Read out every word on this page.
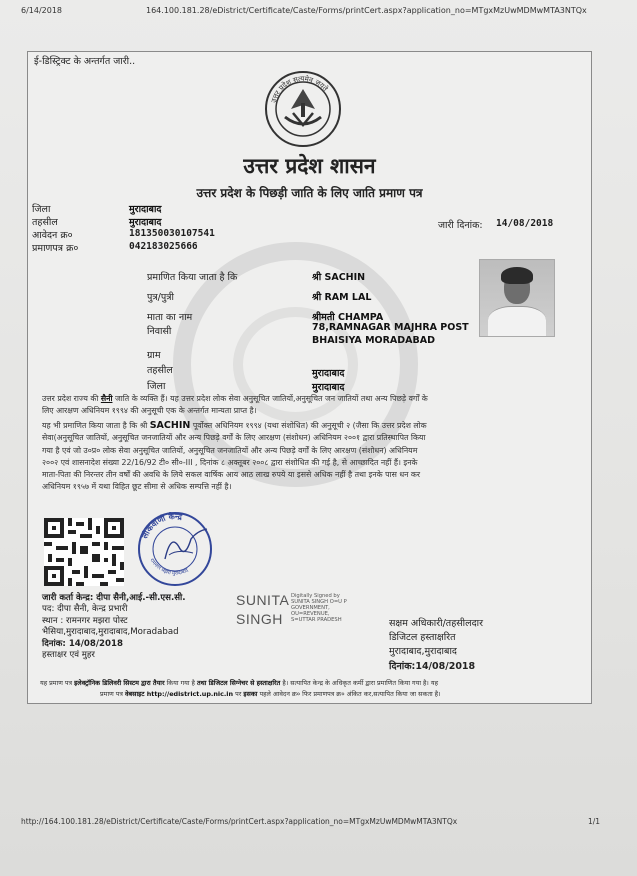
6/14/2018	164.100.181.28/eDistrict/Certificate/Caste/Forms/printCert.aspx?application_no=MTgxMzUwMDMwMTA3NTQx
ई-डिस्ट्रिक्ट के अन्तर्गत जारी..
उत्तर प्रदेश सत्यमेव जयते
उत्तर प्रदेश शासन
उत्तर प्रदेश के पिछड़ी जाति के लिए जाति प्रमाण पत्र
जिला	मुरादाबाद
तहसील	मुरादाबाद
आवेदन क्र०	181350030107541
प्रमाणपत्र क्र०	042183025666
जारी दिनांक: 14/08/2018
प्रमाणित किया जाता है कि	श्री SACHIN
पुत्र/पुत्री	श्री RAM LAL
माता का नाम	श्रीमती CHAMPA
निवासी	78,RAMNAGAR MAJHRA POST
BHAISIYA MORADABAD
ग्राम
तहसील	मुरादाबाद
जिला	मुरादाबाद
उत्तर प्रदेश राज्य की सैनी जाति के व्यक्ति हैं। यह उत्तर प्रदेश लोक सेवा अनुसूचित जातियों,अनुसूचित जन जातियों तथा अन्य पिछड़े वर्गों के
लिए आरक्षण अधिनियम १९९४ की अनुसूची एक के अन्तर्गत मान्यता प्राप्त है।
यह भी प्रमाणित किया जाता है कि श्री SACHIN पूर्वोक्त अधिनियम १९९४ (यथा संशोधित) की अनुसूची २ (जैसा कि उत्तर प्रदेश लोक
सेवा(अनुसूचित जातियों, अनुसूचित जनजातियों और अन्य पिछड़े वर्गों के लिए आरक्षण (संशोधन) अधिनियम २००१ द्वारा प्रतिस्थापित किया
गया है एवं जो उ०प्र० लोक सेवा अनुसूचित जातियों, अनुसूचित जनजातियों और अन्य पिछड़े वर्गों के लिए आरक्षण (संशोधन) अधिनियम
२००२ एवं शासनादेश संख्या 22/16/92 टी० सी०-III , दिनांक ८ अक्तूबर २००८ द्वारा संशोधित की गई है, से आच्छादित नहीं हैं। इनके
माता-पिता की निरन्तर तीन वर्षों की अवधि के लिये सकल वार्षिक आय आठ लाख रुपये या इससे अधिक नहीं है तथा इनके पास धन कर
अधिनियम १९५७ में यथा विहित छूट सीमा से अधिक सम्पत्ति नहीं है।
लोकवाणी केन्द्र
रामनगर मझरा मुरादाबाद
जारी कर्ता केन्द्र: दीपा सैनी,आई.-सी.एस.सी.
पद: दीपा सैनी, केन्द्र प्रभारी
स्थान : रामनगर मझरा पोस्ट
भैसिया,मुरादाबाद,मुरादाबाद,Moradabad
दिनांक: 14/08/2018
हस्ताक्षर एवं मुहर
SUNITA
SINGH
Digitally Signed by
SUNITA SINGH O=U P
GOVERNMENT,
OU=REVENUE,
S=UTTAR PRADESH	सक्षम अधिकारी/तहसीलदार
डिजिटल हस्ताक्षरित
मुरादाबाद,मुरादाबाद
दिनांक:14/08/2018
यह प्रमाण पत्र इलेक्ट्रॉनिक डिलिवरी सिस्टम द्वारा तैयार किया गया है तथा डिजिटल सिग्नेचर से हस्ताक्षरित है। सत्यापित केन्द्र के अधिकृत कर्मी द्वारा प्रमाणित किया गया है। यह
प्रमाण पत्र वेबसाइट http://edistrict.up.nic.in पर इसका पहले आवेदन क्र० फिर प्रमाणपत्र क्र० अंकित कर,सत्यापित किया जा सकता है।
http://164.100.181.28/eDistrict/Certificate/Caste/Forms/printCert.aspx?application_no=MTgxMzUwMDMwMTA3NTQx	1/1
